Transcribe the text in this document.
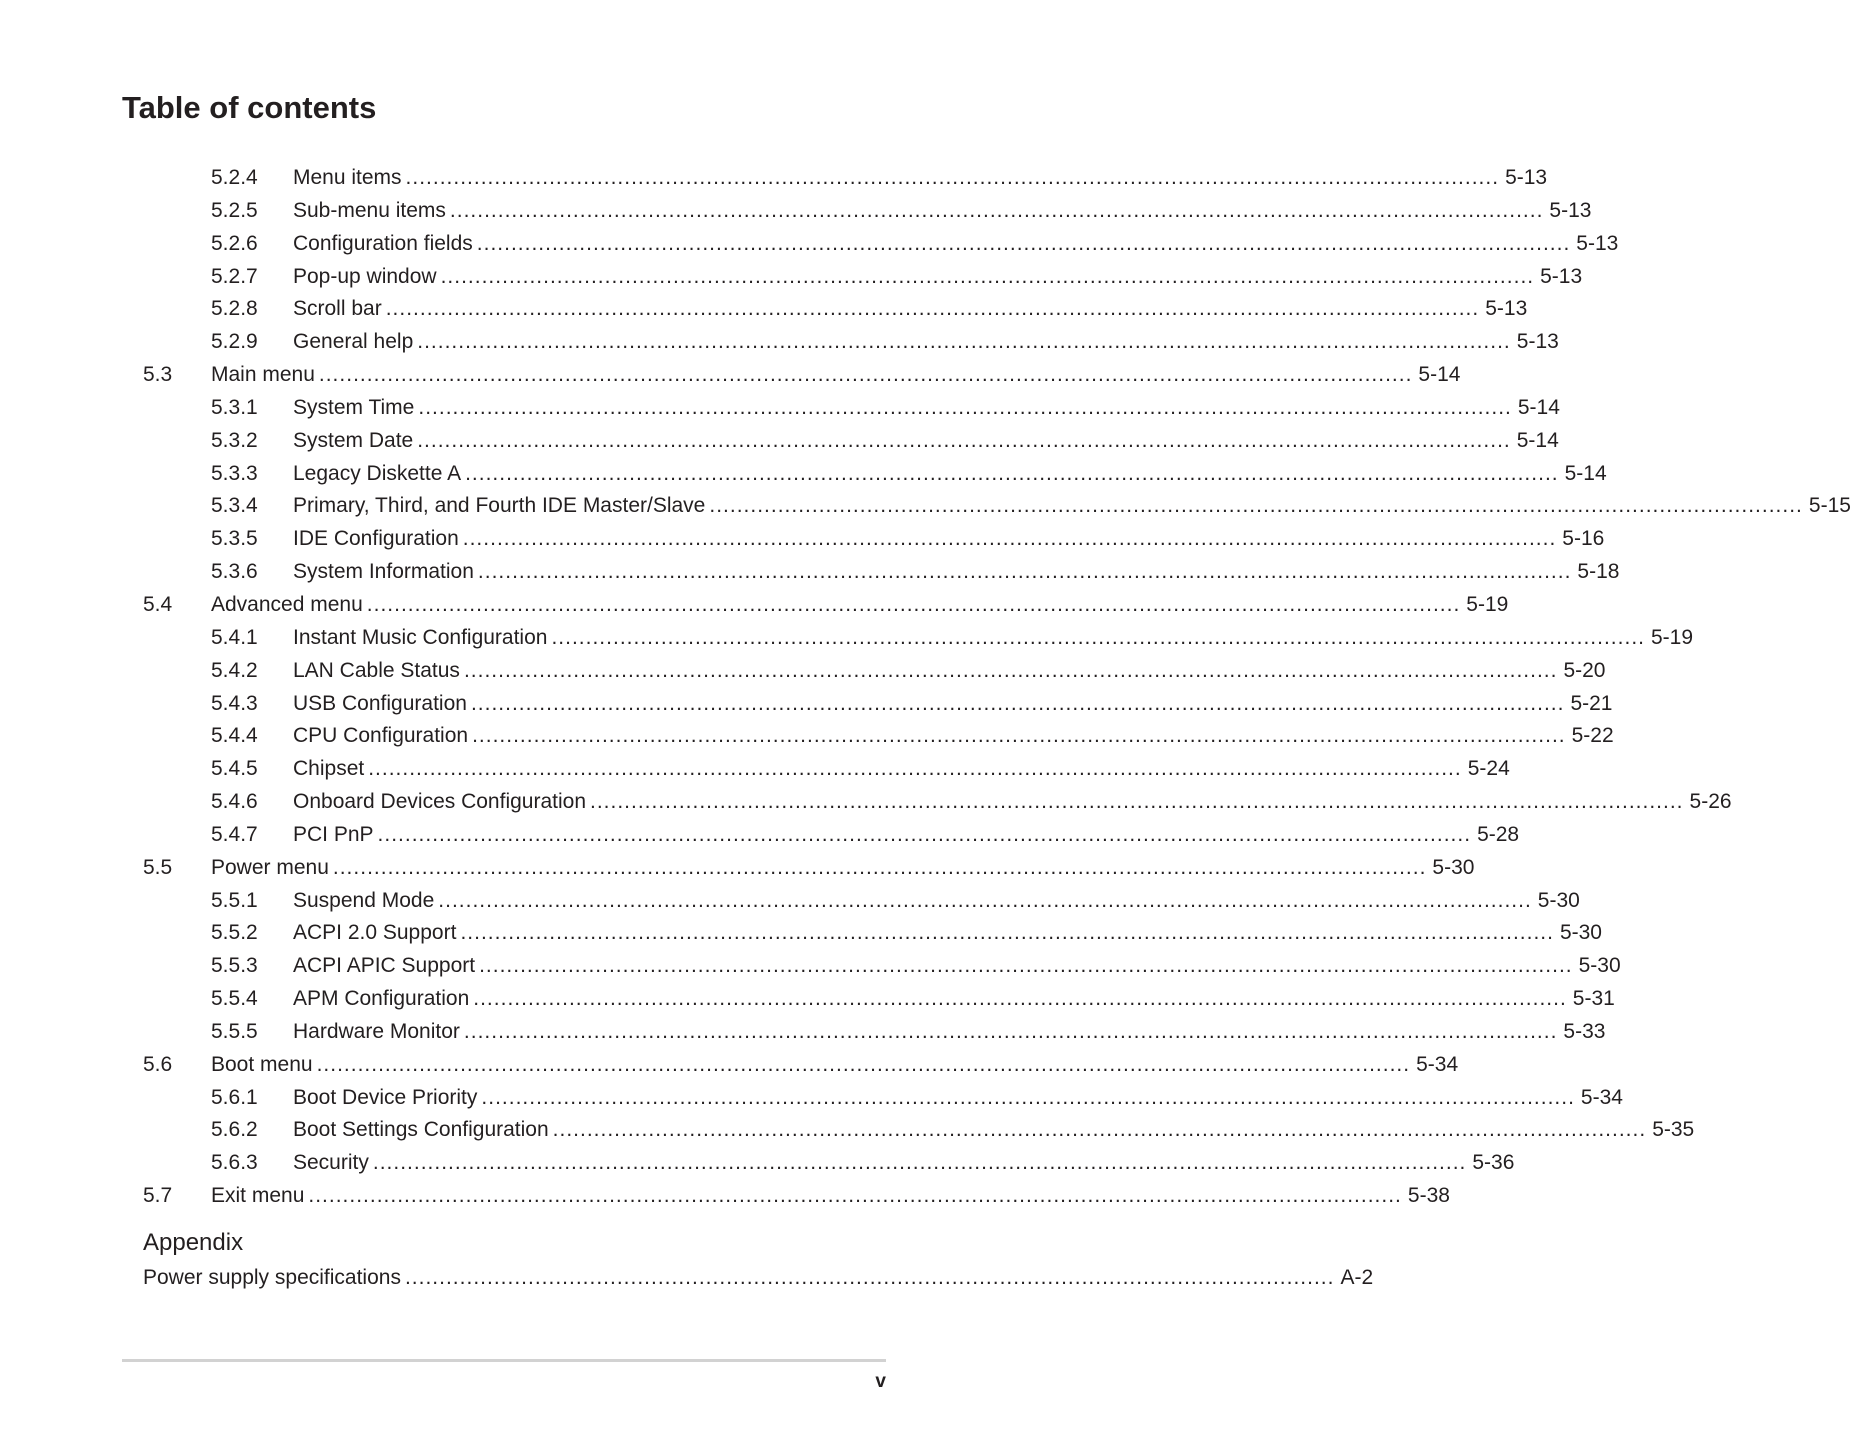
Table of contents
5.2.4 Menu items ................................................................................................................................................................ 5-13
5.2.5 Sub-menu items ................................................................................................................................................................ 5-13
5.2.6 Configuration fields ................................................................................................................................................................ 5-13
5.2.7 Pop-up window ................................................................................................................................................................ 5-13
5.2.8 Scroll bar ................................................................................................................................................................ 5-13
5.2.9 General help ................................................................................................................................................................ 5-13
5.3 Main menu ................................................................................................................................................................ 5-14
5.3.1 System Time ................................................................................................................................................................ 5-14
5.3.2 System Date ................................................................................................................................................................ 5-14
5.3.3 Legacy Diskette A ................................................................................................................................................................ 5-14
5.3.4 Primary, Third, and Fourth IDE Master/Slave ................................................................................................................................................................ 5-15
5.3.5 IDE Configuration ................................................................................................................................................................ 5-16
5.3.6 System Information ................................................................................................................................................................ 5-18
5.4 Advanced menu ................................................................................................................................................................ 5-19
5.4.1 Instant Music Configuration ................................................................................................................................................................ 5-19
5.4.2 LAN Cable Status ................................................................................................................................................................ 5-20
5.4.3 USB Configuration ................................................................................................................................................................ 5-21
5.4.4 CPU Configuration ................................................................................................................................................................ 5-22
5.4.5 Chipset ................................................................................................................................................................ 5-24
5.4.6 Onboard Devices Configuration ................................................................................................................................................................ 5-26
5.4.7 PCI PnP ................................................................................................................................................................ 5-28
5.5 Power menu ................................................................................................................................................................ 5-30
5.5.1 Suspend Mode ................................................................................................................................................................ 5-30
5.5.2 ACPI 2.0 Support ................................................................................................................................................................ 5-30
5.5.3 ACPI APIC Support ................................................................................................................................................................ 5-30
5.5.4 APM Configuration ................................................................................................................................................................ 5-31
5.5.5 Hardware Monitor ................................................................................................................................................................ 5-33
5.6 Boot menu ................................................................................................................................................................ 5-34
5.6.1 Boot Device Priority ................................................................................................................................................................ 5-34
5.6.2 Boot Settings Configuration ................................................................................................................................................................ 5-35
5.6.3 Security ................................................................................................................................................................ 5-36
5.7 Exit menu ................................................................................................................................................................ 5-38
Appendix
Power supply specifications ........................................................................................................................................ A-2
v
